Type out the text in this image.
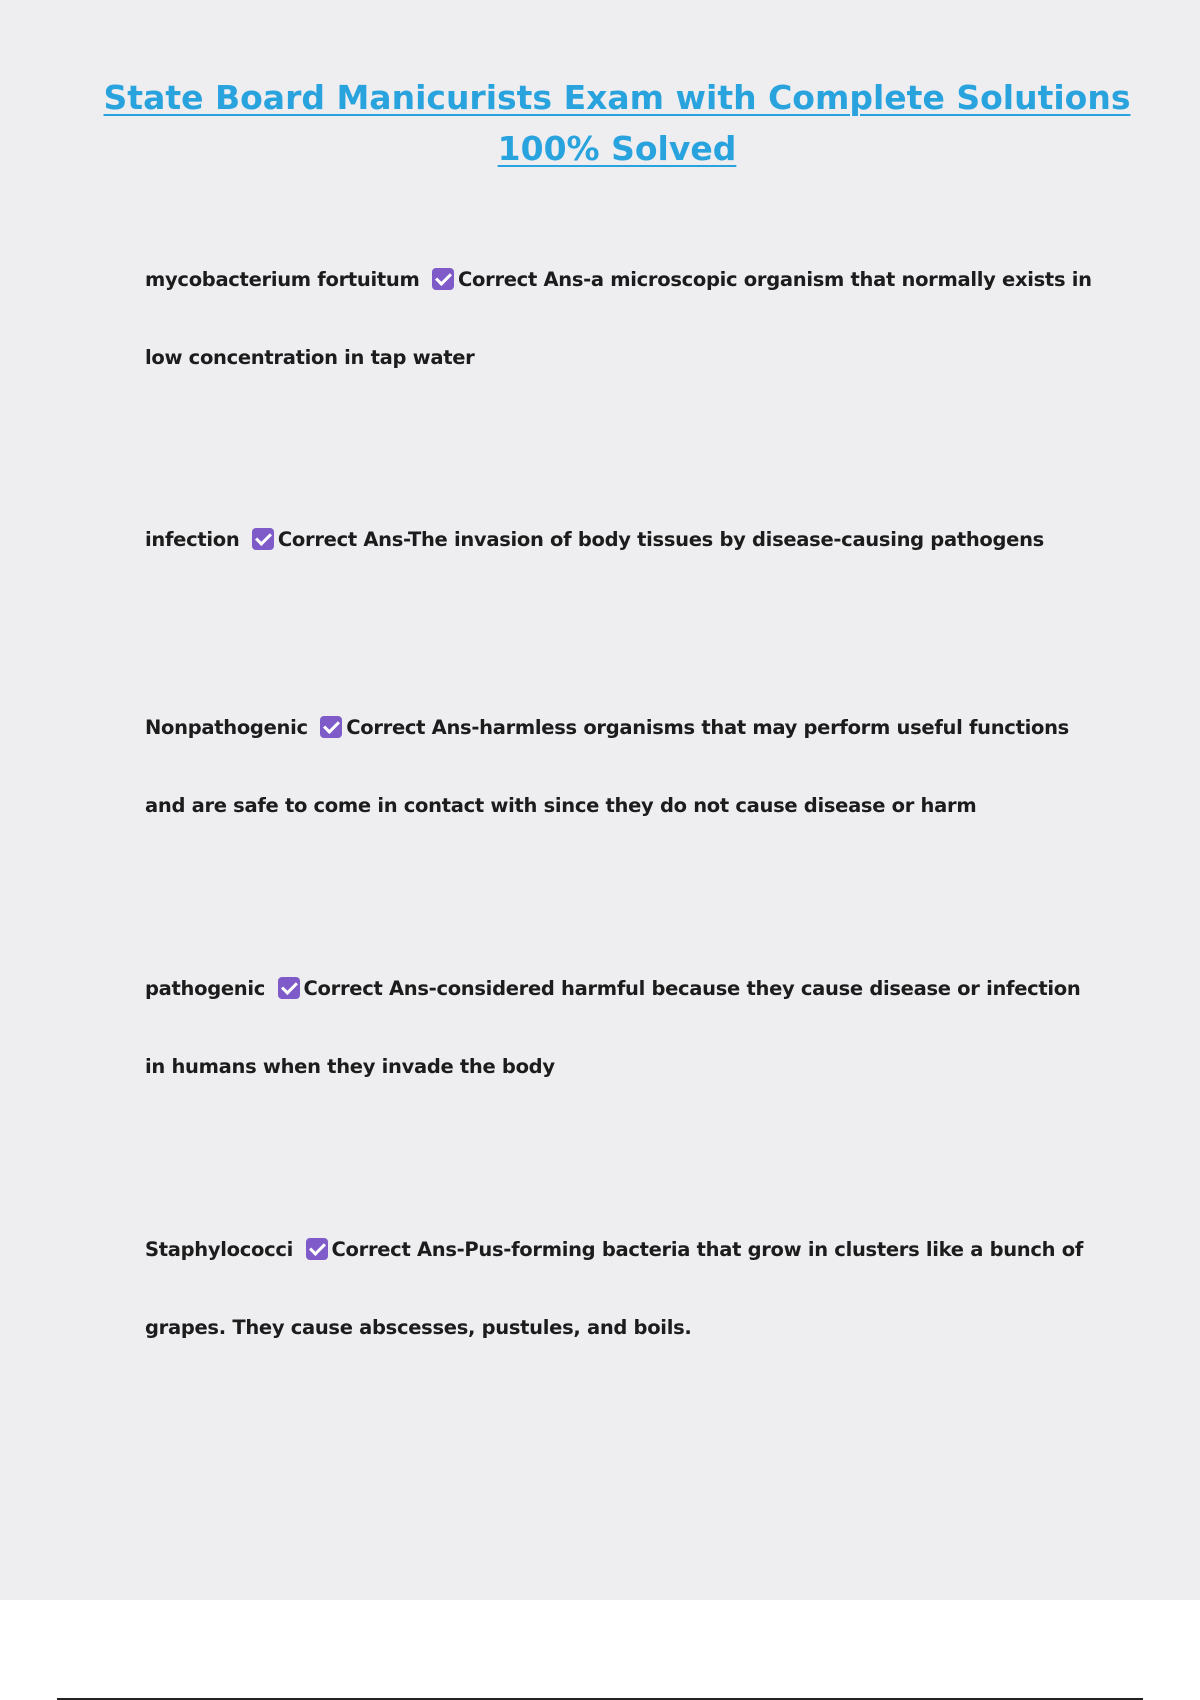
State Board Manicurists Exam with Complete Solutions
100% Solved
mycobacterium fortuitum Correct Ans-a microscopic organism that normally exists in low concentration in tap water
infection Correct Ans-The invasion of body tissues by disease-causing pathogens
Nonpathogenic Correct Ans-harmless organisms that may perform useful functions and are safe to come in contact with since they do not cause disease or harm
pathogenic Correct Ans-considered harmful because they cause disease or infection in humans when they invade the body
Staphylococci Correct Ans-Pus-forming bacteria that grow in clusters like a bunch of grapes. They cause abscesses, pustules, and boils.
